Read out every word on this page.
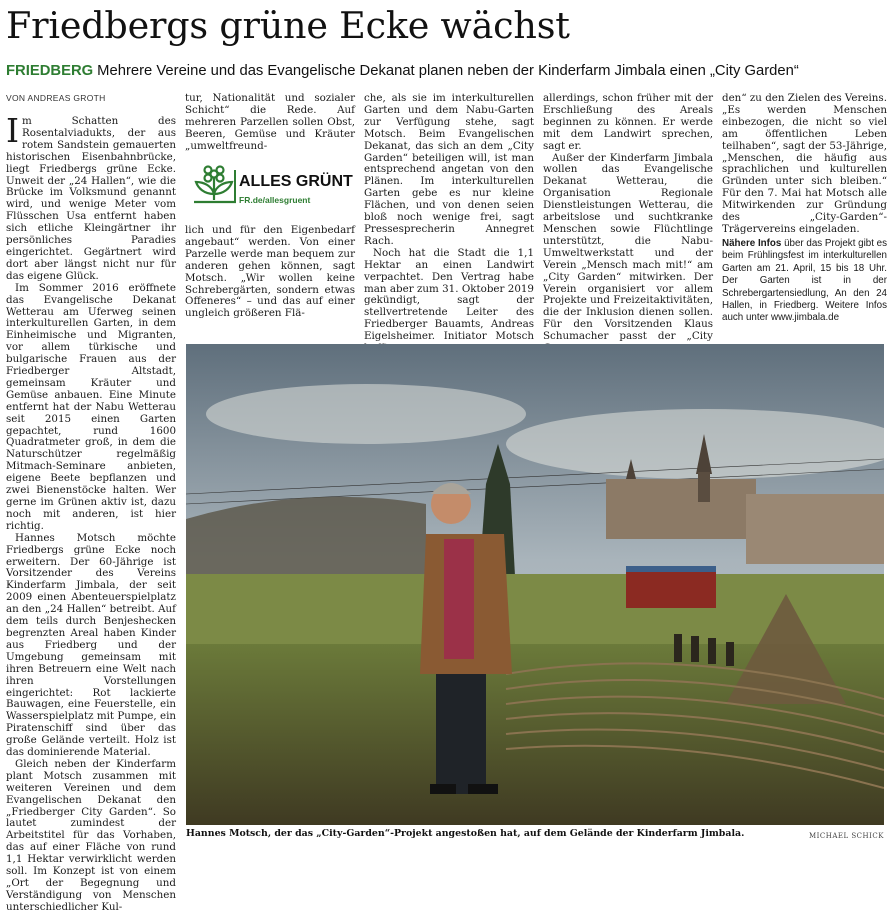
Friedbergs grüne Ecke wächst
FRIEDBERG Mehrere Vereine und das Evangelische Dekanat planen neben der Kinderfarm Jimbala einen „City Garden“
VON ANDREAS GROTH

Im Schatten des Rosentalviadukts, der aus rotem Sandstein gemauerten historischen Eisenbahnbrücke, liegt Friedbergs grüne Ecke. Unweit der „24 Hallen“, wie die Brücke im Volksmund genannt wird, und wenige Meter vom Flüsschen Usa entfernt haben sich etliche Kleingärtner ihr persönliches Paradies eingerichtet. Gegärtnert wird dort aber längst nicht nur für das eigene Glück.

Im Sommer 2016 eröffnete das Evangelische Dekanat Wetterau am Uferweg seinen interkulturellen Garten, in dem Einheimische und Migranten, vor allem türkische und bulgarische Frauen aus der Friedberger Altstadt, gemeinsam Kräuter und Gemüse anbauen. Eine Minute entfernt hat der Nabu Wetterau seit 2015 einen Garten gepachtet, rund 1600 Quadratmeter groß, in dem die Naturschützer regelmäßig Mitmach-Seminare anbieten, eigene Beete bepflanzen und zwei Bienenstöcke halten. Wer gerne im Grünen aktiv ist, dazu noch mit anderen, ist hier richtig.

Hannes Motsch möchte Friedbergs grüne Ecke noch erweitern. Der 60-Jährige ist Vorsitzender des Vereins Kinderfarm Jimbala, der seit 2009 einen Abenteuerspielplatz an den „24 Hallen“ betreibt. Auf dem teils durch Benjeshecken begrenzten Areal haben Kinder aus Friedberg und der Umgebung gemeinsam mit ihren Betreuern eine Welt nach ihren Vorstellungen eingerichtet: Rot lackierte Bauwagen, eine Feuerstelle, ein Wasserspielplatz mit Pumpe, ein Piratenschiff sind über das große Gelände verteilt. Holz ist das dominierende Material.

Gleich neben der Kinderfarm plant Motsch zusammen mit weiteren Vereinen und dem Evangelischen Dekanat den „Friedberger City Garden“. So lautet zumindest der Arbeitstitel für das Vorhaben, das auf einer Fläche von rund 1,1 Hektar verwirklicht werden soll. Im Konzept ist von einem „Ort der Begegnung und Verständigung von Menschen unterschiedlicher Kul-

tur, Nationalität und sozialer Schicht“ die Rede. Auf mehreren Parzellen sollen Obst, Beeren, Gemüse und Kräuter „umweltfreund-

ALLES GRÜNT
FR.de/allesgruent

lich und für den Eigenbedarf angebaut“ werden. Von einer Parzelle werde man bequem zur anderen gehen können, sagt Motsch. „Wir wollen keine Schrebergärten, sondern etwas Offeneres“ – und das auf einer ungleich größeren Flä-

che, als sie im interkulturellen Garten und dem Nabu-Garten zur Verfügung stehe, sagt Motsch. Beim Evangelischen Dekanat, das sich an dem „City Garden“ beteiligen will, ist man entsprechend angetan von den Plänen. Im interkulturellen Garten gebe es nur kleine Flächen, und von denen seien bloß noch wenige frei, sagt Pressesprecherin Annegret Rach.

Noch hat die Stadt die 1,1 Hektar an einen Landwirt verpachtet. Den Vertrag habe man aber zum 31. Oktober 2019 gekündigt, sagt der stellvertretende Leiter des Friedberger Bauamts, Andreas Eigelsheimer. Initiator Motsch

allerdings, schon früher mit der Erschließung des Areals beginnen zu können. Er werde mit dem Landwirt sprechen, sagt er.

Außer der Kinderfarm Jimbala wollen das Evangelische Dekanat Wetterau, die Organisation Regionale Dienstleistungen Wetterau, die arbeitslose und suchtkranke Menschen sowie Flüchtlinge unterstützt, die Nabu-Umweltwerkstatt und der Verein „Mensch mach mit!“ am „City Garden“ mitwirken. Der Verein organisiert vor allem Projekte und Freizeitaktivitäten, die der Inklusion dienen sollen. Für den Vorsitzenden Klaus Schumacher passt der „City

den“ zu den Zielen des Vereins. „Es werden Menschen einbezogen, die nicht so viel am öffentlichen Leben teilhaben“, sagt der 53-Jährige, „Menschen, die häufig aus sprachlichen und kulturellen Gründen unter sich bleiben.“ Für den 7. Mai hat Motsch alle Mitwirkenden zur Gründung des „City-Garden“-Trägervereins eingeladen.

Nähere Infos über das Projekt gibt es beim Frühlingsfest im interkulturellen Garten am 21. April, 15 bis 18 Uhr. Der Garten ist in der Schrebergartensiedlung, An den 24 Hallen, in Friedberg. Weitere Infos auch unter www.jimbala.de
Hannes Motsch, der das „City-Garden“-Projekt angestoßen hat, auf dem Gelände der Kinderfarm Jimbala.	MICHAEL SCHICK
